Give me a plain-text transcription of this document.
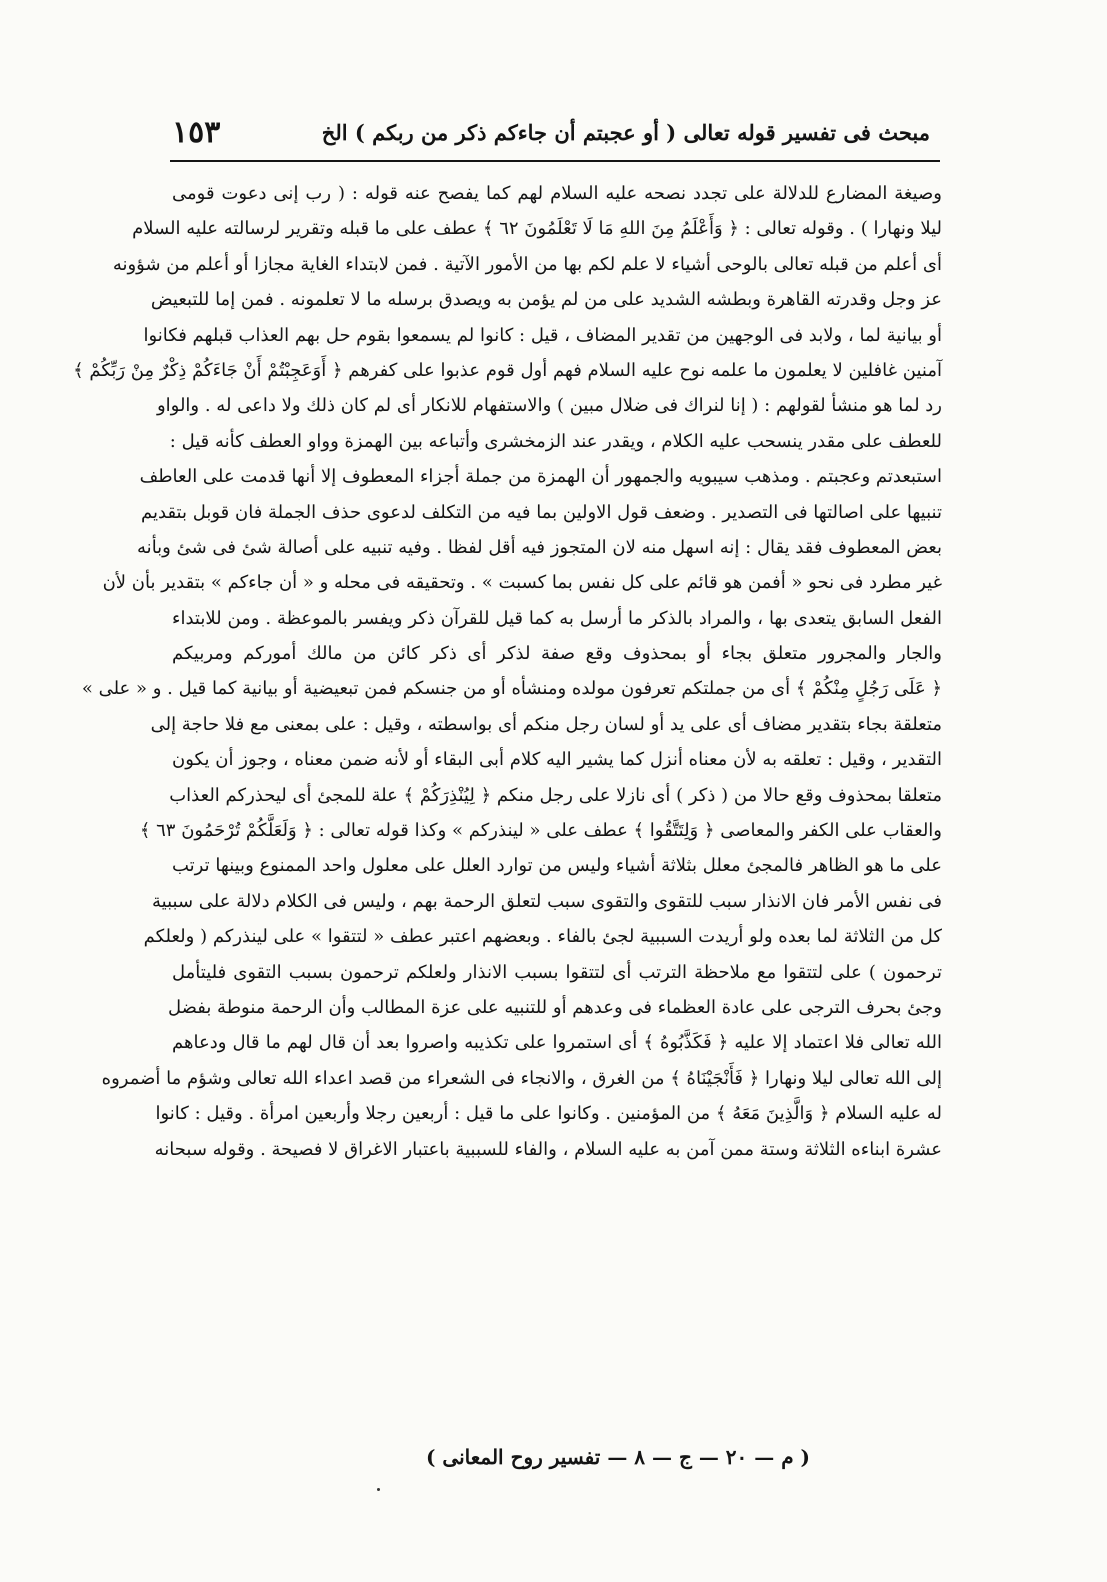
مبحث فى تفسير قوله تعالى ( أو عجبتم أن جاءكم ذكر من ربكم ) الخ
١٥٣
وصيغة المضارع للدلالة على تجدد نصحه عليه السلام لهم كما يفصح عنه قوله : ( رب إنى دعوت قومى
ليلا ونهارا ) . وقوله تعالى : ﴿ وَأَعْلَمُ مِنَ اللهِ مَا لَا تَعْلَمُونَ ٦٢ ﴾ عطف على ما قبله وتقرير لرسالته عليه السلام
أى أعلم من قبله تعالى بالوحى أشياء لا علم لكم بها من الأمور الآتية . فمن لابتداء الغاية مجازا أو أعلم من شؤونه
عز وجل وقدرته القاهرة وبطشه الشديد على من لم يؤمن به ويصدق برسله ما لا تعلمونه . فمن إما للتبعيض
أو بيانية لما ، ولابد فى الوجهين من تقدير المضاف ، قيل : كانوا لم يسمعوا بقوم حل بهم العذاب قبلهم فكانوا
آمنين غافلين لا يعلمون ما علمه نوح عليه السلام فهم أول قوم عذبوا على كفرهم ﴿ أَوَعَجِبْتُمْ أَنْ جَاءَكُمْ ذِكْرٌ مِنْ رَبِّكُمْ ﴾
رد لما هو منشأ لقولهم : ( إنا لنراك فى ضلال مبين ) والاستفهام للانكار أى لم كان ذلك ولا داعى له . والواو
للعطف على مقدر ينسحب عليه الكلام ، ويقدر عند الزمخشرى وأتباعه بين الهمزة وواو العطف كأنه قيل :
استبعدتم وعجبتم . ومذهب سيبويه والجمهور أن الهمزة من جملة أجزاء المعطوف إلا أنها قدمت على العاطف
تنبيها على اصالتها فى التصدير . وضعف قول الاولين بما فيه من التكلف لدعوى حذف الجملة فان قوبل بتقديم
بعض المعطوف فقد يقال : إنه اسهل منه لان المتجوز فيه أقل لفظا . وفيه تنبيه على أصالة شئ فى شئ وبأنه
غير مطرد فى نحو « أفمن هو قائم على كل نفس بما كسبت » . وتحقيقه فى محله و « أن جاءكم » بتقدير بأن لأن
الفعل السابق يتعدى بها ، والمراد بالذكر ما أرسل به كما قيل للقرآن ذكر ويفسر بالموعظة . ومن للابتداء
والجار والمجرور متعلق بجاء أو بمحذوف وقع صفة لذكر أى ذكر كائن من مالك أموركم ومربيكم
﴿ عَلَى رَجُلٍ مِنْكُمْ ﴾ أى من جملتكم تعرفون مولده ومنشأه أو من جنسكم فمن تبعيضية أو بيانية كما قيل . و « على »
متعلقة بجاء بتقدير مضاف أى على يد أو لسان رجل منكم أى بواسطته ، وقيل : على بمعنى مع فلا حاجة إلى
التقدير ، وقيل : تعلقه به لأن معناه أنزل كما يشير اليه كلام أبى البقاء أو لأنه ضمن معناه ، وجوز أن يكون
متعلقا بمحذوف وقع حالا من ( ذكر ) أى نازلا على رجل منكم ﴿ لِيُنْذِرَكُمْ ﴾ علة للمجئ أى ليحذركم العذاب
والعقاب على الكفر والمعاصى ﴿ وَلِتَتَّقُوا ﴾ عطف على « لينذركم » وكذا قوله تعالى : ﴿ وَلَعَلَّكُمْ تُرْحَمُونَ ٦٣ ﴾
على ما هو الظاهر فالمجئ معلل بثلاثة أشياء وليس من توارد العلل على معلول واحد الممنوع وبينها ترتب
فى نفس الأمر فان الانذار سبب للتقوى والتقوى سبب لتعلق الرحمة بهم ، وليس فى الكلام دلالة على سببية
كل من الثلاثة لما بعده ولو أريدت السببية لجئ بالفاء . وبعضهم اعتبر عطف « لتتقوا » على لينذركم ( ولعلكم
ترحمون ) على لتتقوا مع ملاحظة الترتب أى لتتقوا بسبب الانذار ولعلكم ترحمون بسبب التقوى فليتأمل
وجئ بحرف الترجى على عادة العظماء فى وعدهم أو للتنبيه على عزة المطالب وأن الرحمة منوطة بفضل
الله تعالى فلا اعتماد إلا عليه ﴿ فَكَذَّبُوهُ ﴾ أى استمروا على تكذيبه واصروا بعد أن قال لهم ما قال ودعاهم
إلى الله تعالى ليلا ونهارا ﴿ فَأَنْجَيْنَاهُ ﴾ من الغرق ، والانجاء فى الشعراء من قصد اعداء الله تعالى وشؤم ما أضمروه
له عليه السلام ﴿ وَالَّذِينَ مَعَهُ ﴾ من المؤمنين . وكانوا على ما قيل : أربعين رجلا وأربعين امرأة . وقيل : كانوا
عشرة ابناءه الثلاثة وستة ممن آمن به عليه السلام ، والفاء للسببية باعتبار الاغراق لا فصيحة . وقوله سبحانه
( م — ٢٠ — ج — ٨ — تفسير روح المعانى )
